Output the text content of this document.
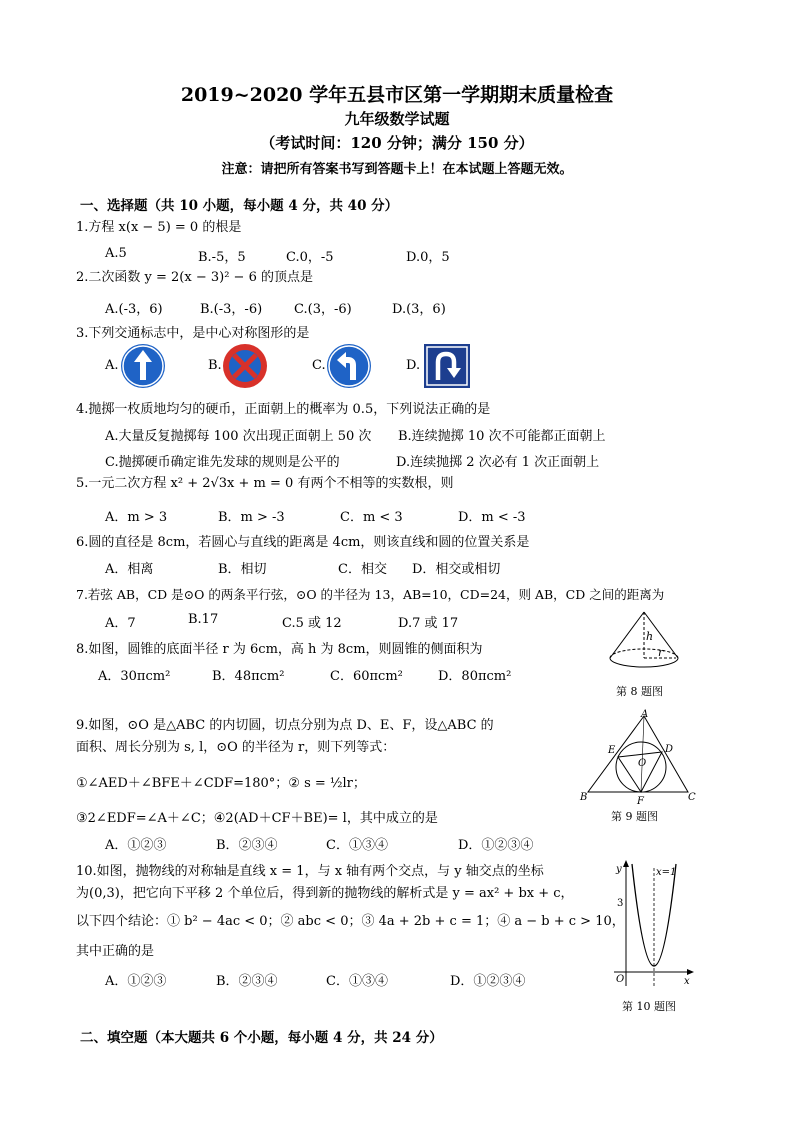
2019~2020 学年五县市区第一学期期末质量检查
九年级数学试题
（考试时间：120 分钟；满分 150 分）
注意：请把所有答案书写到答题卡上！在本试题上答题无效。
一、选择题（共 10 小题，每小题 4 分，共 40 分）
1.方程 x(x − 5) = 0 的根是
A.5	B.-5，5	C.0，-5	D.0，5
2.二次函数 y = 2(x − 3)² − 6 的顶点是
A.(-3，6)	B.(-3，-6) C.(3，-6)	D.(3，6)
3.下列交通标志中，是中心对称图形的是
A.	B.	C.	D.
4.抛掷一枚质地均匀的硬币，正面朝上的概率为 0.5，下列说法正确的是
A.大量反复抛掷每 100 次出现正面朝上 50 次 B.连续抛掷 10 次不可能都正面朝上
C.抛掷硬币确定谁先发球的规则是公平的	D.连续抛掷 2 次必有 1 次正面朝上
5.一元二次方程 x² + 2√3x + m = 0 有两个不相等的实数根，则
A．m > 3	B．m > -3	C．m < 3	D．m < -3
6.圆的直径是 8cm，若圆心与直线的距离是 4cm，则该直线和圆的位置关系是
A．相离	B．相切	C．相交 D．相交或相切
7.若弦 AB，CD 是⊙O 的两条平行弦，⊙O 的半径为 13，AB=10，CD=24，则 AB，CD 之间的距离为
A．7	B.17	C.5 或 12	D.7 或 17
8.如图，圆锥的底面半径 r 为 6cm，高 h 为 8cm，则圆锥的侧面积为
A．30πcm²	B．48πcm²	C．60πcm²	D．80πcm²
h
r
第 8 题图
9.如图，⊙O 是△ABC 的内切圆，切点分别为点 D、E、F，设△ABC 的
面积、周长分别为 s, l，⊙O 的半径为 r，则下列等式：
①∠AED＋∠BFE＋∠CDF=180°；② s = ½lr；
③2∠EDF=∠A＋∠C；④2(AD＋CF＋BE)= l，其中成立的是
A．①②③	B．②③④	C．①③④	D．①②③④
A
B	C
D
E
F
O
第 9 题图
10.如图，抛物线的对称轴是直线 x = 1，与 x 轴有两个交点，与 y 轴交点的坐标
为(0,3)，把它向下平移 2 个单位后，得到新的抛物线的解析式是 y = ax² + bx + c，
以下四个结论：① b² − 4ac < 0；② abc < 0；③ 4a + 2b + c = 1；④ a − b + c > 10，
其中正确的是
A．①②③	B．②③④	C．①③④	D．①②③④
y
x
x=1
3
O
第 10 题图
二、填空题（本大题共 6 个小题，每小题 4 分，共 24 分）
